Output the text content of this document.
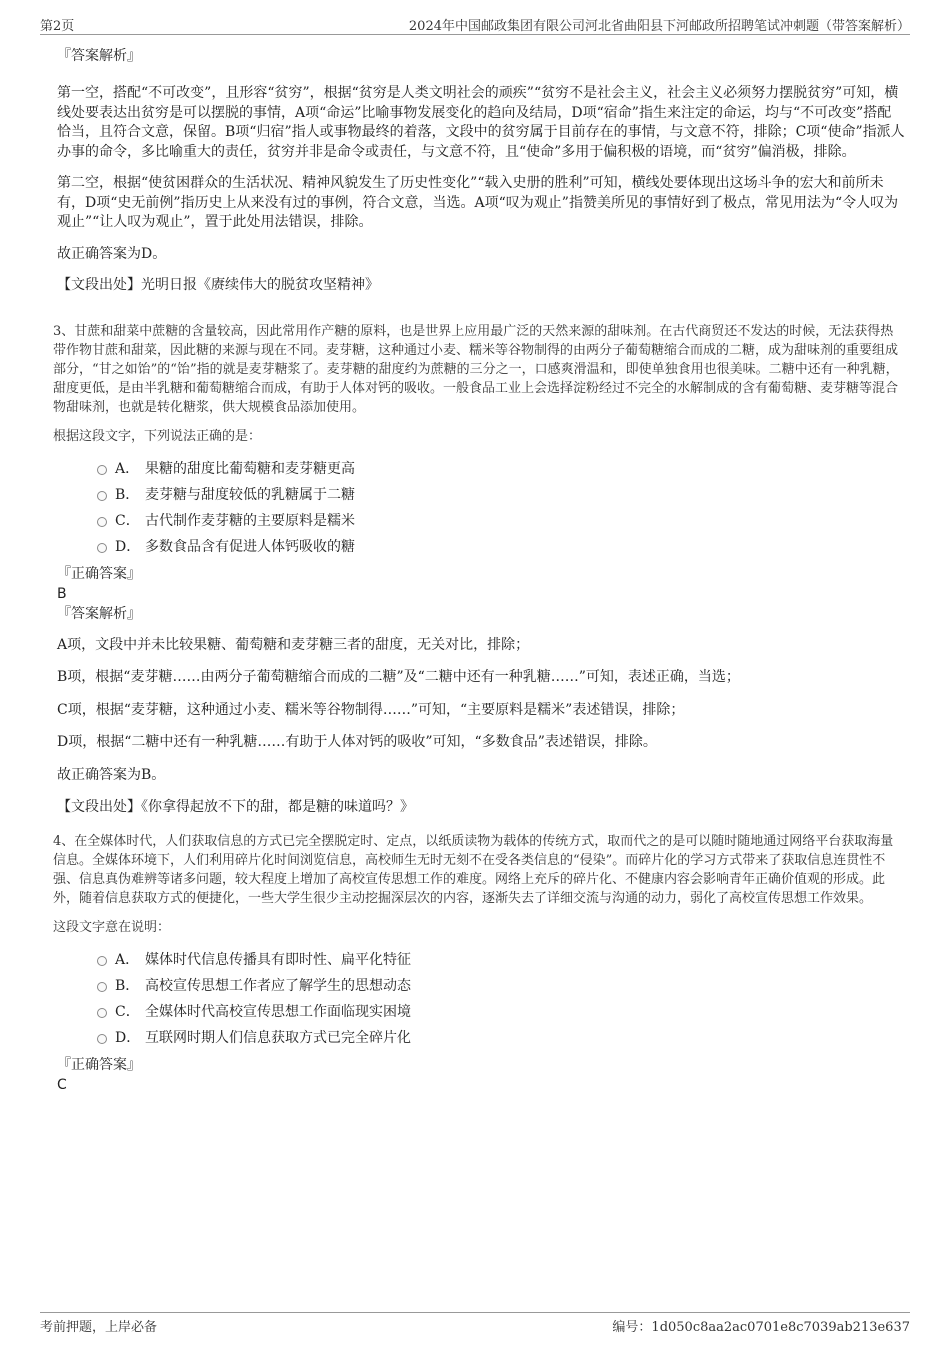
第2页	2024年中国邮政集团有限公司河北省曲阳县下河邮政所招聘笔试冲刺题（带答案解析）

『答案解析』

第一空，搭配“不可改变”，且形容“贫穷”，根据“贫穷是人类文明社会的顽疾”“贫穷不是社会主义，社会主义必须努力摆脱贫穷”可知，横线处要表达出贫穷是可以摆脱的事情，A项“命运”比喻事物发展变化的趋向及结局，D项“宿命”指生来注定的命运，均与“不可改变”搭配恰当，且符合文意，保留。B项“归宿”指人或事物最终的着落，文段中的贫穷属于目前存在的事情，与文意不符，排除；C项“使命”指派人办事的命令，多比喻重大的责任，贫穷并非是命令或责任，与文意不符，且“使命”多用于偏积极的语境，而“贫穷”偏消极，排除。

第二空，根据“使贫困群众的生活状况、精神风貌发生了历史性变化”“载入史册的胜利”可知，横线处要体现出这场斗争的宏大和前所未有，D项“史无前例”指历史上从来没有过的事例，符合文意，当选。A项“叹为观止”指赞美所见的事情好到了极点，常见用法为“令人叹为观止”“让人叹为观止”，置于此处用法错误，排除。

故正确答案为D。

【文段出处】光明日报《赓续伟大的脱贫攻坚精神》

3、甘蔗和甜菜中蔗糖的含量较高，因此常用作产糖的原料，也是世界上应用最广泛的天然来源的甜味剂。在古代商贸还不发达的时候，无法获得热带作物甘蔗和甜菜，因此糖的来源与现在不同。麦芽糖，这种通过小麦、糯米等谷物制得的由两分子葡萄糖缩合而成的二糖，成为甜味剂的重要组成部分，“甘之如饴”的“饴”指的就是麦芽糖浆了。麦芽糖的甜度约为蔗糖的三分之一，口感爽滑温和，即使单独食用也很美味。二糖中还有一种乳糖，甜度更低，是由半乳糖和葡萄糖缩合而成，有助于人体对钙的吸收。一般食品工业上会选择淀粉经过不完全的水解制成的含有葡萄糖、麦芽糖等混合物甜味剂，也就是转化糖浆，供大规模食品添加使用。

根据这段文字，下列说法正确的是：

A． 果糖的甜度比葡萄糖和麦芽糖更高
B． 麦芽糖与甜度较低的乳糖属于二糖
C． 古代制作麦芽糖的主要原料是糯米
D． 多数食品含有促进人体钙吸收的糖

『正确答案』

B

『答案解析』

A项，文段中并未比较果糖、葡萄糖和麦芽糖三者的甜度，无关对比，排除；

B项，根据“麦芽糖……由两分子葡萄糖缩合而成的二糖”及“二糖中还有一种乳糖……”可知，表述正确，当选；

C项，根据“麦芽糖，这种通过小麦、糯米等谷物制得……”可知，“主要原料是糯米”表述错误，排除；

D项，根据“二糖中还有一种乳糖……有助于人体对钙的吸收”可知，“多数食品”表述错误，排除。

故正确答案为B。

【文段出处】《你拿得起放不下的甜，都是糖的味道吗？》

4、在全媒体时代，人们获取信息的方式已完全摆脱定时、定点，以纸质读物为载体的传统方式，取而代之的是可以随时随地通过网络平台获取海量信息。全媒体环境下，人们利用碎片化时间浏览信息，高校师生无时无刻不在受各类信息的“侵染”。而碎片化的学习方式带来了获取信息连贯性不强、信息真伪难辨等诸多问题，较大程度上增加了高校宣传思想工作的难度。网络上充斥的碎片化、不健康内容会影响青年正确价值观的形成。此外，随着信息获取方式的便捷化，一些大学生很少主动挖掘深层次的内容，逐渐失去了详细交流与沟通的动力，弱化了高校宣传思想工作效果。

这段文字意在说明：

A． 媒体时代信息传播具有即时性、扁平化特征
B． 高校宣传思想工作者应了解学生的思想动态
C． 全媒体时代高校宣传思想工作面临现实困境
D． 互联网时期人们信息获取方式已完全碎片化

『正确答案』

C

考前押题，上岸必备	编号：1d050c8aa2ac0701e8c7039ab213e637
